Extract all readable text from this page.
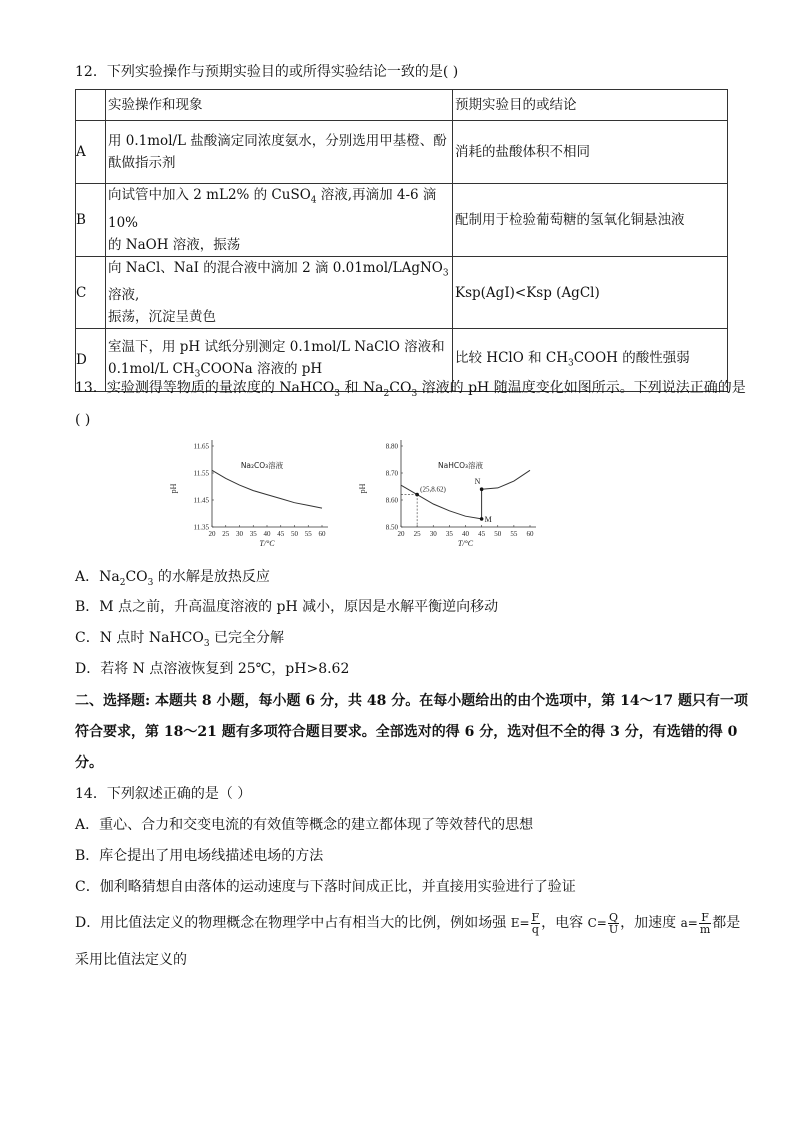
12．下列实验操作与预期实验目的或所得实验结论一致的是( )
	实验操作和现象	预期实验目的或结论
A	用 0.1mol/L 盐酸滴定同浓度氨水，分别选用甲基橙、酚
酞做指示剂	消耗的盐酸体积不相同
B	向试管中加入 2 mL2% 的 CuSO$_4$ 溶液,再滴加 4-6 滴 10%
的 NaOH 溶液，振荡	配制用于检验葡萄糖的氢氧化铜悬浊液
C	向 NaCl、NaI 的混合液中滴加 2 滴 0.01mol/LAgNO$_3$ 溶液,
振荡，沉淀呈黄色	Ksp(AgI)<Ksp (AgCl)
D	室温下，用 pH 试纸分别测定 0.1mol/L NaClO 溶液和
0.1mol/L $CH_3COONa$ 溶液的 pH	比较 HClO 和 $CH_3COOH$ 的酸性强弱
13．实验测得等物质的量浓度的 NaHCO$_3$ 和 $Na_2CO_3$ 溶液的 pH 随温度变化如图所示。下列说法正确的是
( )
20 25 30 35 40 45 50 55 60
11.35
11.45
11.55
11.65
pH
T/°C
Na₂CO₃溶液
20 25 30 35 40 45 50 55 60
8.50
8.60
8.70
8.80
pH
T/°C
NaHCO₃溶液
(25,8.62)
M
N
A．$Na_2CO_3$ 的水解是放热反应
B．M 点之前，升高温度溶液的 pH 减小，原因是水解平衡逆向移动
C．N 点时 NaHCO$_3$ 已完全分解
D．若将 N 点溶液恢复到 25℃，pH>8.62
二、选择题: 本题共 8 小题，每小题 6 分，共 48 分。在每小题给出的由个选项中，第 14～17 题只有一项
符合要求，第 18～21 题有多项符合题目要求。全部选对的得 6 分，选对但不全的得 3 分，有选错的得 0
分。
14．下列叙述正确的是（ ）
A．重心、合力和交变电流的有效值等概念的建立都体现了等效替代的思想
B．库仑提出了用电场线描述电场的方法
C．伽利略猜想自由落体的运动速度与下落时间成正比，并直接用实验进行了验证
D．用比值法定义的物理概念在物理学中占有相当大的比例，例如场强 $E= \frac{F}{q}$ ，电容 $C= \frac{Q}{U}$ ，加速度 $a= \frac{F}{m}$ 都是
采用比值法定义的
